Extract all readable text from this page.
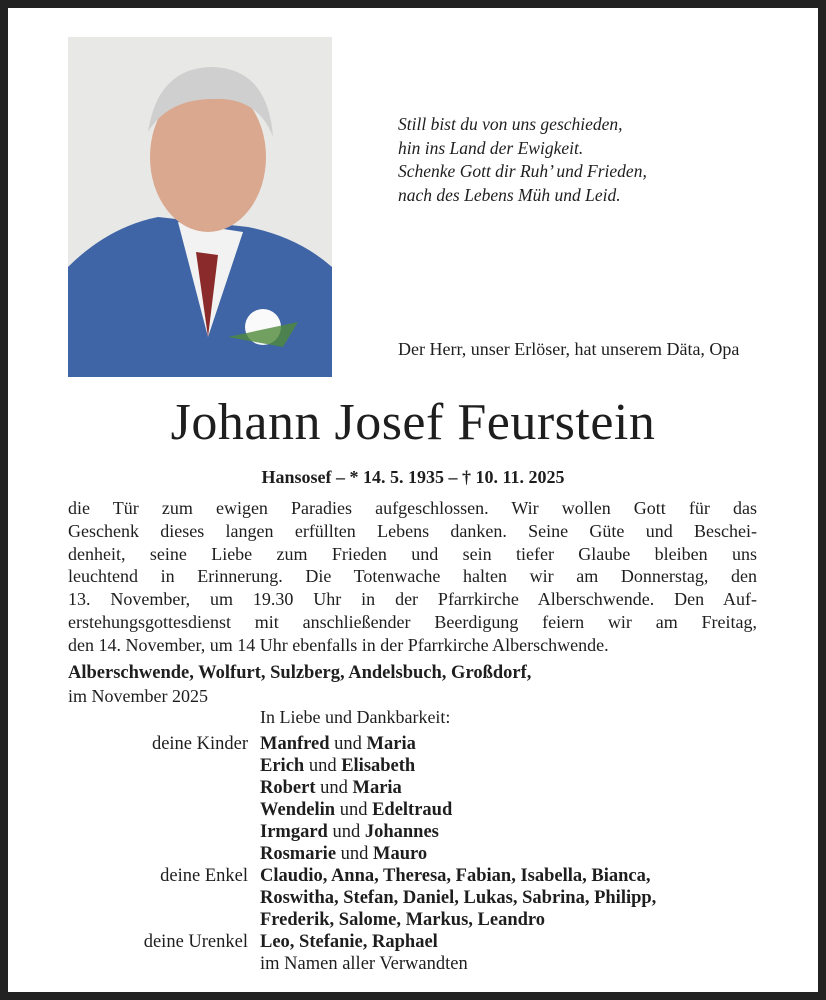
Still bist du von uns geschieden,
hin ins Land der Ewigkeit.
Schenke Gott dir Ruh’ und Frieden,
nach des Lebens Müh und Leid.
Der Herr, unser Erlöser, hat unserem Däta, Opa
Johann Josef Feurstein
Hansosef – * 14. 5. 1935 – † 10. 11. 2025
die Tür zum ewigen Paradies aufgeschlossen. Wir wollen Gott für das
Geschenk dieses langen erfüllten Lebens danken. Seine Güte und Beschei-
denheit, seine Liebe zum Frieden und sein tiefer Glaube bleiben uns
leuchtend in Erinnerung. Die Totenwache halten wir am Donnerstag, den
13. November, um 19.30 Uhr in der Pfarrkirche Alberschwende. Den Auf-
erstehungsgottesdienst mit anschließender Beerdigung feiern wir am Freitag,
den 14. November, um 14 Uhr ebenfalls in der Pfarrkirche Alberschwende.
Alberschwende, Wolfurt, Sulzberg, Andelsbuch, Großdorf,
im November 2025
In Liebe und Dankbarkeit:
deine Kinder Manfred und Maria
Erich und Elisabeth
Robert und Maria
Wendelin und Edeltraud
Irmgard und Johannes
Rosmarie und Mauro
deine Enkel Claudio, Anna, Theresa, Fabian, Isabella, Bianca,
Roswitha, Stefan, Daniel, Lukas, Sabrina, Philipp,
Frederik, Salome, Markus, Leandro
deine Urenkel Leo, Stefanie, Raphael
im Namen aller Verwandten
